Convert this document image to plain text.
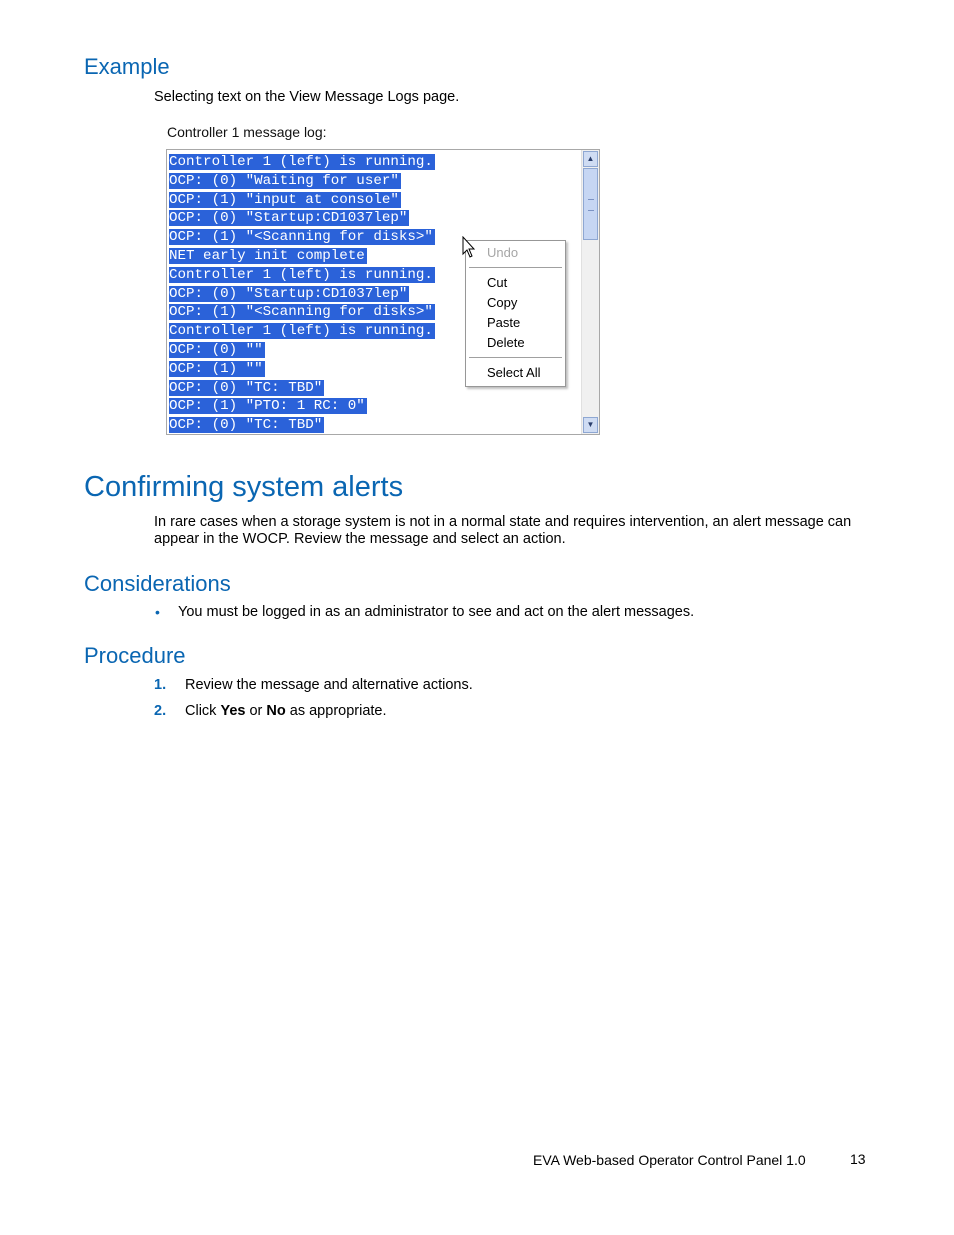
Example
Selecting text on the View Message Logs page.
Controller 1 message log:
Controller 1 (left) is running.
OCP: (0) "Waiting for user"
OCP: (1) "input at console"
OCP: (0) "Startup:CD1037lep"
OCP: (1) "<Scanning for disks>"
NET early init complete
Controller 1 (left) is running.
OCP: (0) "Startup:CD1037lep"
OCP: (1) "<Scanning for disks>"
Controller 1 (left) is running.
OCP: (0) ""
OCP: (1) ""
OCP: (0) "TC: TBD"
OCP: (1) "PTO: 1 RC: 0"
OCP: (0) "TC: TBD"
▲
▼
Undo
Cut
Copy
Paste
Delete
Select All
Confirming system alerts
In rare cases when a storage system is not in a normal state and requires intervention, an alert message can appear in the WOCP. Review the message and select an action.
Considerations
• You must be logged in as an administrator to see and act on the alert messages.
Procedure
1. Review the message and alternative actions.
2. Click Yes or No as appropriate.
EVA Web-based Operator Control Panel 1.0	13
